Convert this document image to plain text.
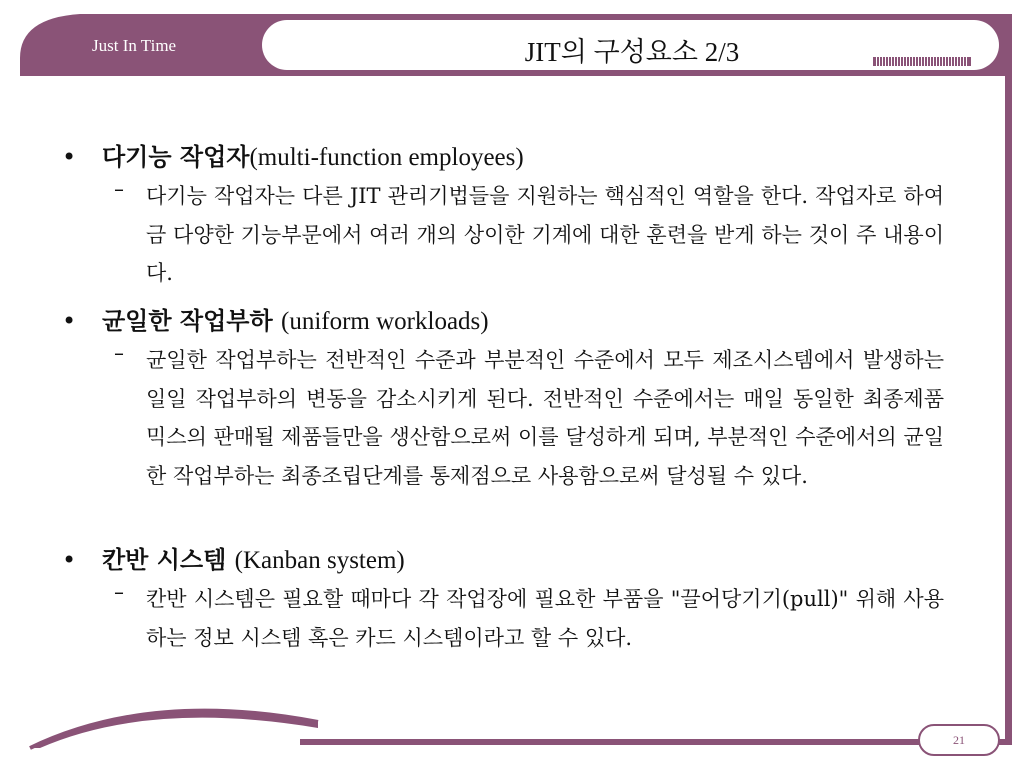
Just In Time	JIT의 구성요소 2/3
•	다기능 작업자(multi-function employees)
–	다기능 작업자는 다른 JIT 관리기법들을 지원하는 핵심적인 역할을 한다. 작업자로 하여금 다양한 기능부문에서 여러 개의 상이한 기계에 대한 훈련을 받게 하는 것이 주 내용이다.
•	균일한 작업부하 (uniform workloads)
–	균일한 작업부하는 전반적인 수준과 부분적인 수준에서 모두 제조시스템에서 발생하는 일일 작업부하의 변동을 감소시키게 된다. 전반적인 수준에서는 매일 동일한 최종제품 믹스의 판매될 제품들만을 생산함으로써 이를 달성하게 되며, 부분적인 수준에서의 균일한 작업부하는 최종조립단계를 통제점으로 사용함으로써 달성될 수 있다.
•	칸반 시스템 (Kanban system)
–	칸반 시스템은 필요할 때마다 각 작업장에 필요한 부품을 "끌어당기기(pull)" 위해 사용하는 정보 시스템 혹은 카드 시스템이라고 할 수 있다.
21
